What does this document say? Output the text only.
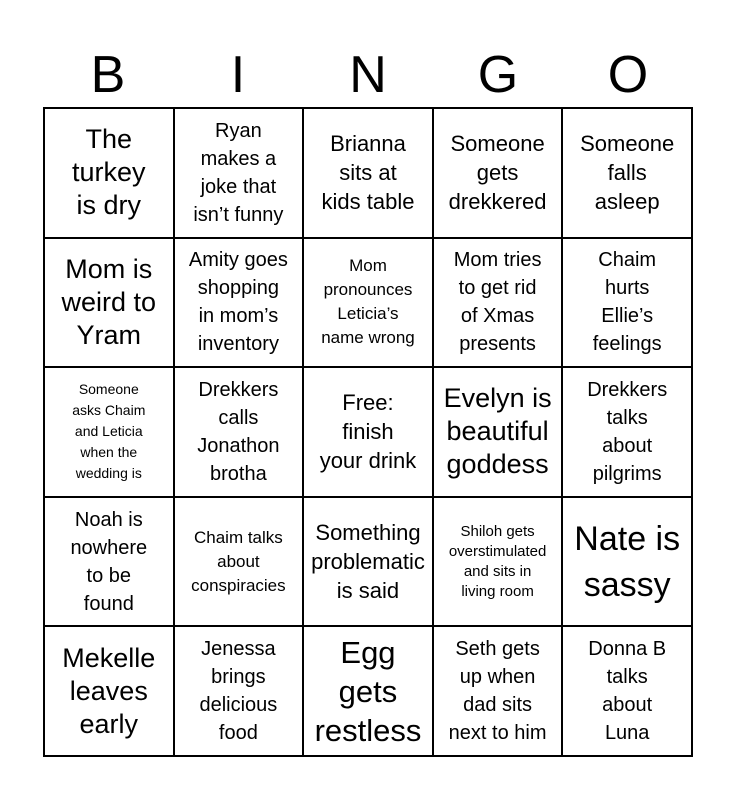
B	I	N	G	O
The
turkey
is dry
Ryan
makes a
joke that
isn’t funny
Brianna
sits at
kids table
Someone
gets
drekkered
Someone
falls
asleep
Mom is
weird to
Yram
Amity goes
shopping
in mom’s
inventory
Mom
pronounces
Leticia’s
name wrong
Mom tries
to get rid
of Xmas
presents
Chaim
hurts
Ellie’s
feelings
Someone
asks Chaim
and Leticia
when the
wedding is
Drekkers
calls
Jonathon
brotha
Free:
finish
your drink
Evelyn is
beautiful
goddess
Drekkers
talks
about
pilgrims
Noah is
nowhere
to be
found
Chaim talks
about
conspiracies
Something
problematic
is said
Shiloh gets
overstimulated
and sits in
living room
Nate is
sassy
Mekelle
leaves
early
Jenessa
brings
delicious
food
Egg
gets
restless
Seth gets
up when
dad sits
next to him
Donna B
talks
about
Luna
